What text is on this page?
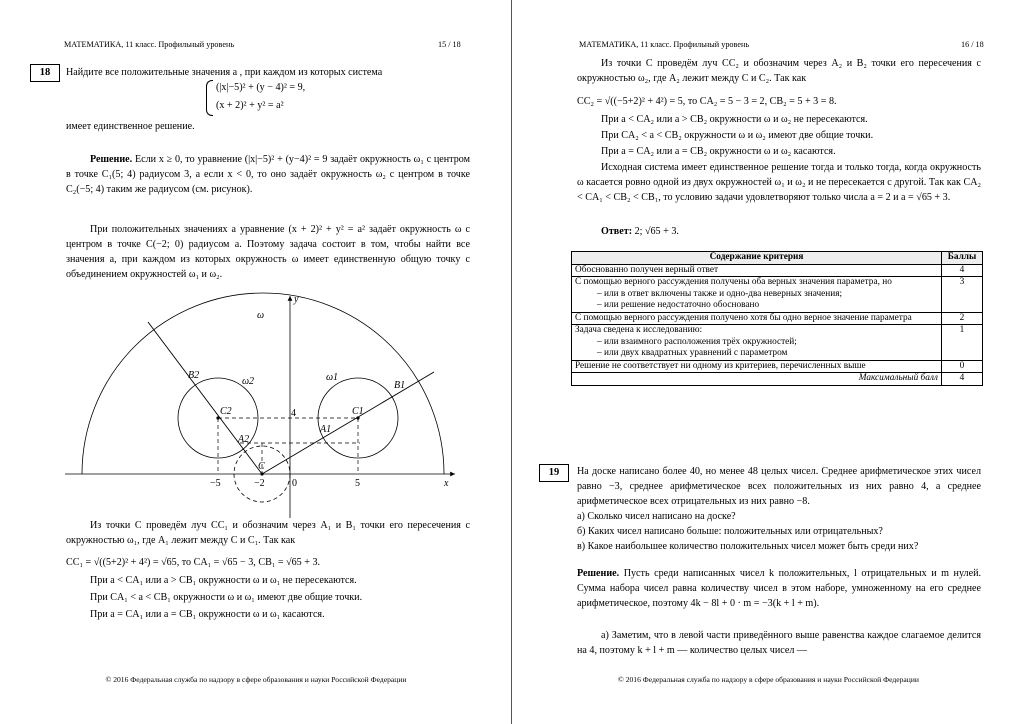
МАТЕМАТИКА, 11 класс. Профильный уровень	15 / 18
18	Найдите все положительные значения a , при каждом из которых система
(|x|−5)² + (y − 4)² = 9,
(x + 2)² + y² = a²
имеет единственное решение.
Решение. Если x ≥ 0, то уравнение (|x|−5)² + (y−4)² = 9 задаёт окружность ω₁ с центром в точке C₁(5; 4) радиусом 3, а если x < 0, то оно задаёт окружность ω₂ с центром в точке C₂(−5; 4) таким же радиусом (см. рисунок).
При положительных значениях a уравнение (x + 2)² + y² = a² задаёт окружность ω с центром в точке C(−2; 0) радиусом a. Поэтому задача состоит в том, чтобы найти все значения a, при каждом из которых окружность ω имеет единственную общую точку с объединением окружностей ω₁ и ω₂.
ω
ω2	ω1
B2
B1
C2	C1
A1
A2
C
y
x
−5	−2	0	5
4
Из точки C проведём луч CC₁ и обозначим через A₁ и B₁ точки его пересечения с окружностью ω₁, где A₁ лежит между C и C₁. Так как
CC₁ = √((5+2)² + 4²) = √65, то CA₁ = √65 − 3, CB₁ = √65 + 3.
При a < CA₁ или a > CB₁ окружности ω и ω₁ не пересекаются.
При CA₁ < a < CB₁ окружности ω и ω₁ имеют две общие точки.
При a = CA₁ или a = CB₁ окружности ω и ω₁ касаются.
© 2016 Федеральная служба по надзору в сфере образования и науки Российской Федерации
МАТЕМАТИКА, 11 класс. Профильный уровень	16 / 18
Из точки C проведём луч CC₂ и обозначим через A₂ и B₂ точки его пересечения с окружностью ω₂, где A₂ лежит между C и C₂. Так как
CC₂ = √((−5+2)² + 4²) = 5, то CA₂ = 5 − 3 = 2, CB₂ = 5 + 3 = 8.
При a < CA₂ или a > CB₂ окружности ω и ω₂ не пересекаются.
При CA₂ < a < CB₂ окружности ω и ω₂ имеют две общие точки.
При a = CA₂ или a = CB₂ окружности ω и ω₂ касаются.
Исходная система имеет единственное решение тогда и только тогда, когда окружность ω касается ровно одной из двух окружностей ω₁ и ω₂ и не пересекается с другой. Так как CA₂ < CA₁ < CB₂ < CB₁, то условию задачи удовлетворяют только числа a = 2 и a = √65 + 3.
Ответ: 2; √65 + 3.
Содержание критерия	Баллы
Обоснованно получен верный ответ	4
С помощью верного рассуждения получены оба верных значения параметра, но
– или в ответ включены также и одно-два неверных значения;
– или решение недостаточно обосновано	3
С помощью верного рассуждения получено хотя бы одно верное значение параметра	2
Задача сведена к исследованию:
– или взаимного расположения трёх окружностей;
– или двух квадратных уравнений с параметром	1
Решение не соответствует ни одному из критериев, перечисленных выше	0
Максимальный балл	4
19	На доске написано более 40, но менее 48 целых чисел. Среднее арифметическое этих чисел равно −3, среднее арифметическое всех положительных из них равно 4, а среднее арифметическое всех отрицательных из них равно −8.
а) Сколько чисел написано на доске?
б) Каких чисел написано больше: положительных или отрицательных?
в) Какое наибольшее количество положительных чисел может быть среди них?
Решение. Пусть среди написанных чисел k положительных, l отрицательных и m нулей. Сумма набора чисел равна количеству чисел в этом наборе, умноженному на его среднее арифметическое, поэтому 4k − 8l + 0 · m = −3(k + l + m).
а) Заметим, что в левой части приведённого выше равенства каждое слагаемое делится на 4, поэтому k + l + m — количество целых чисел —
© 2016 Федеральная служба по надзору в сфере образования и науки Российской Федерации
